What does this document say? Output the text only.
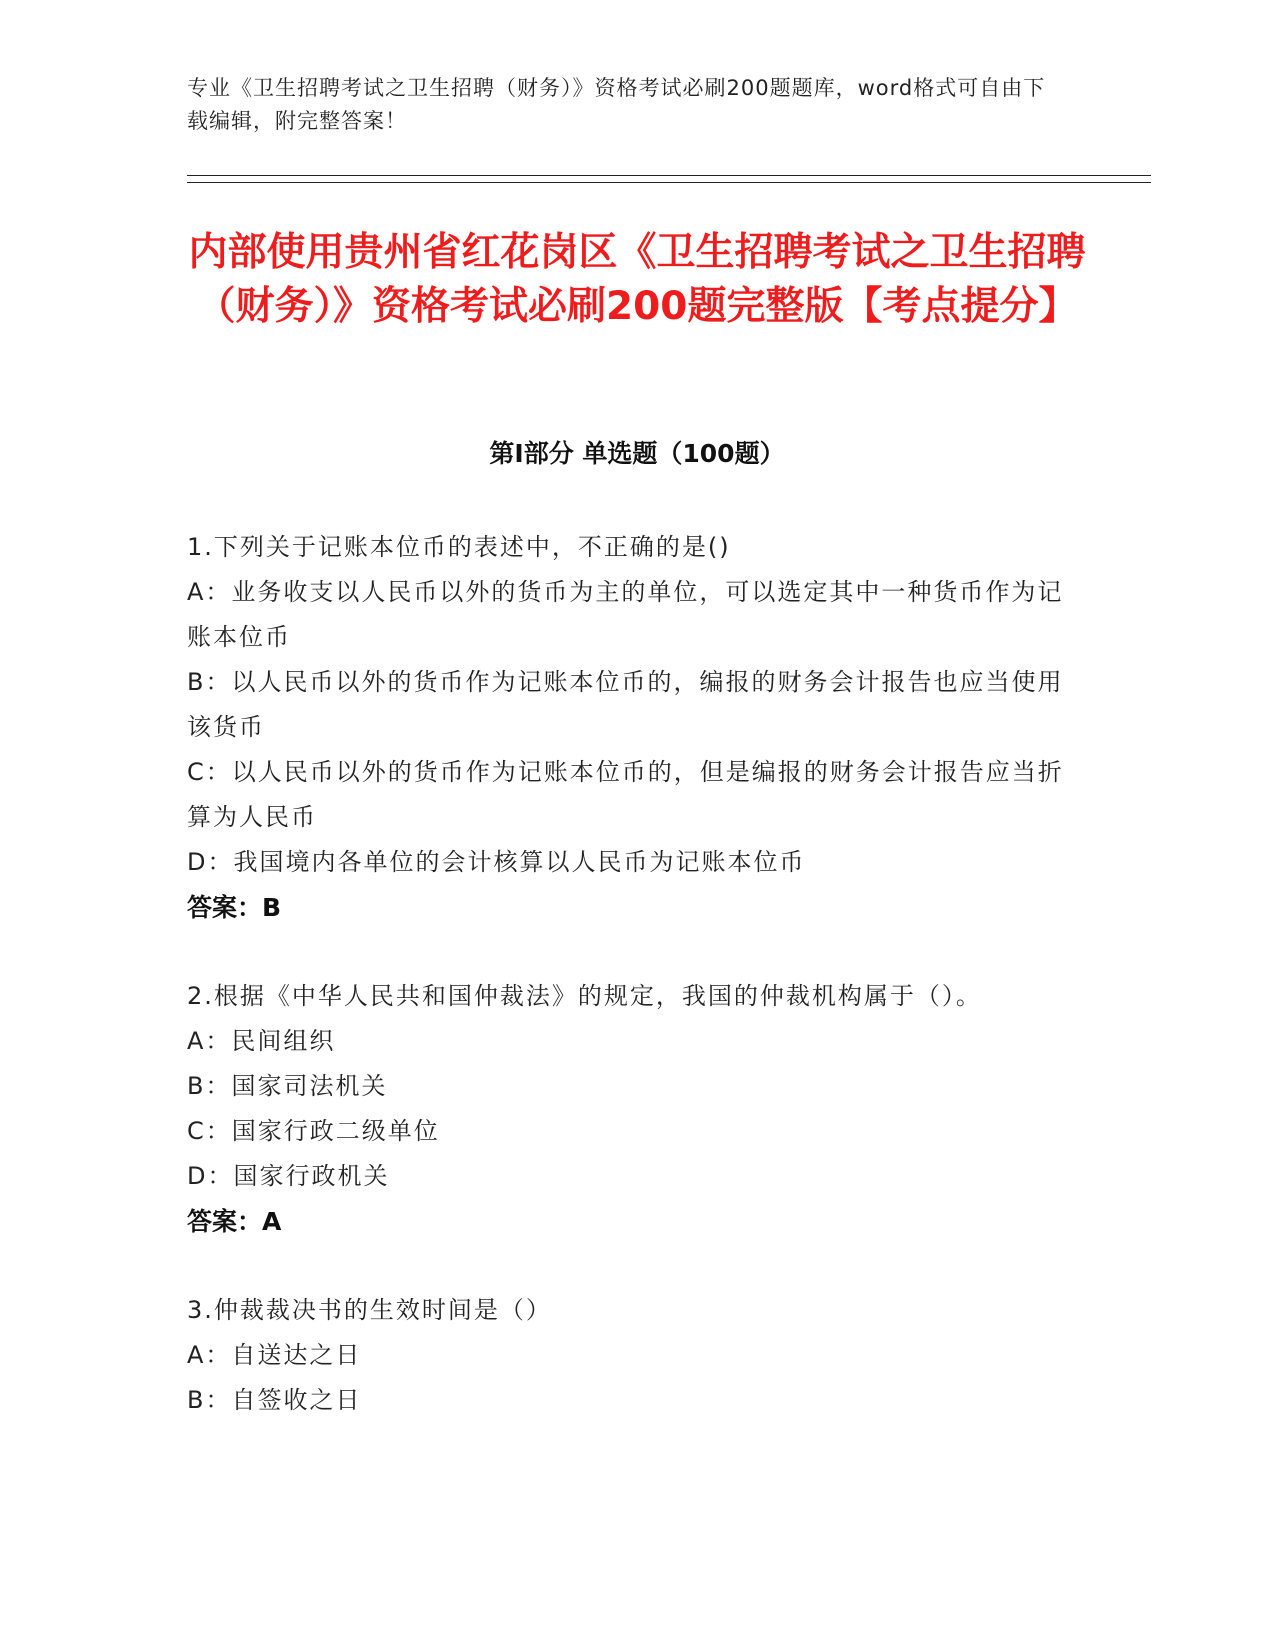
专业《卫生招聘考试之卫生招聘（财务）》资格考试必刷200题题库，word格式可自由下载编辑，附完整答案！
内部使用贵州省红花岗区《卫生招聘考试之卫生招聘（财务）》资格考试必刷200题完整版【考点提分】
第Ⅰ部分 单选题（100题）

1.下列关于记账本位币的表述中，不正确的是()

A：业务收支以人民币以外的货币为主的单位，可以选定其中一种货币作为记账本位币

B：以人民币以外的货币作为记账本位币的，编报的财务会计报告也应当使用该货币

C：以人民币以外的货币作为记账本位币的，但是编报的财务会计报告应当折算为人民币

D：我国境内各单位的会计核算以人民币为记账本位币

答案：B

2.根据《中华人民共和国仲裁法》的规定，我国的仲裁机构属于（）。

A：民间组织

B：国家司法机关

C：国家行政二级单位

D：国家行政机关

答案：A

3.仲裁裁决书的生效时间是（）

A：自送达之日

B：自签收之日
